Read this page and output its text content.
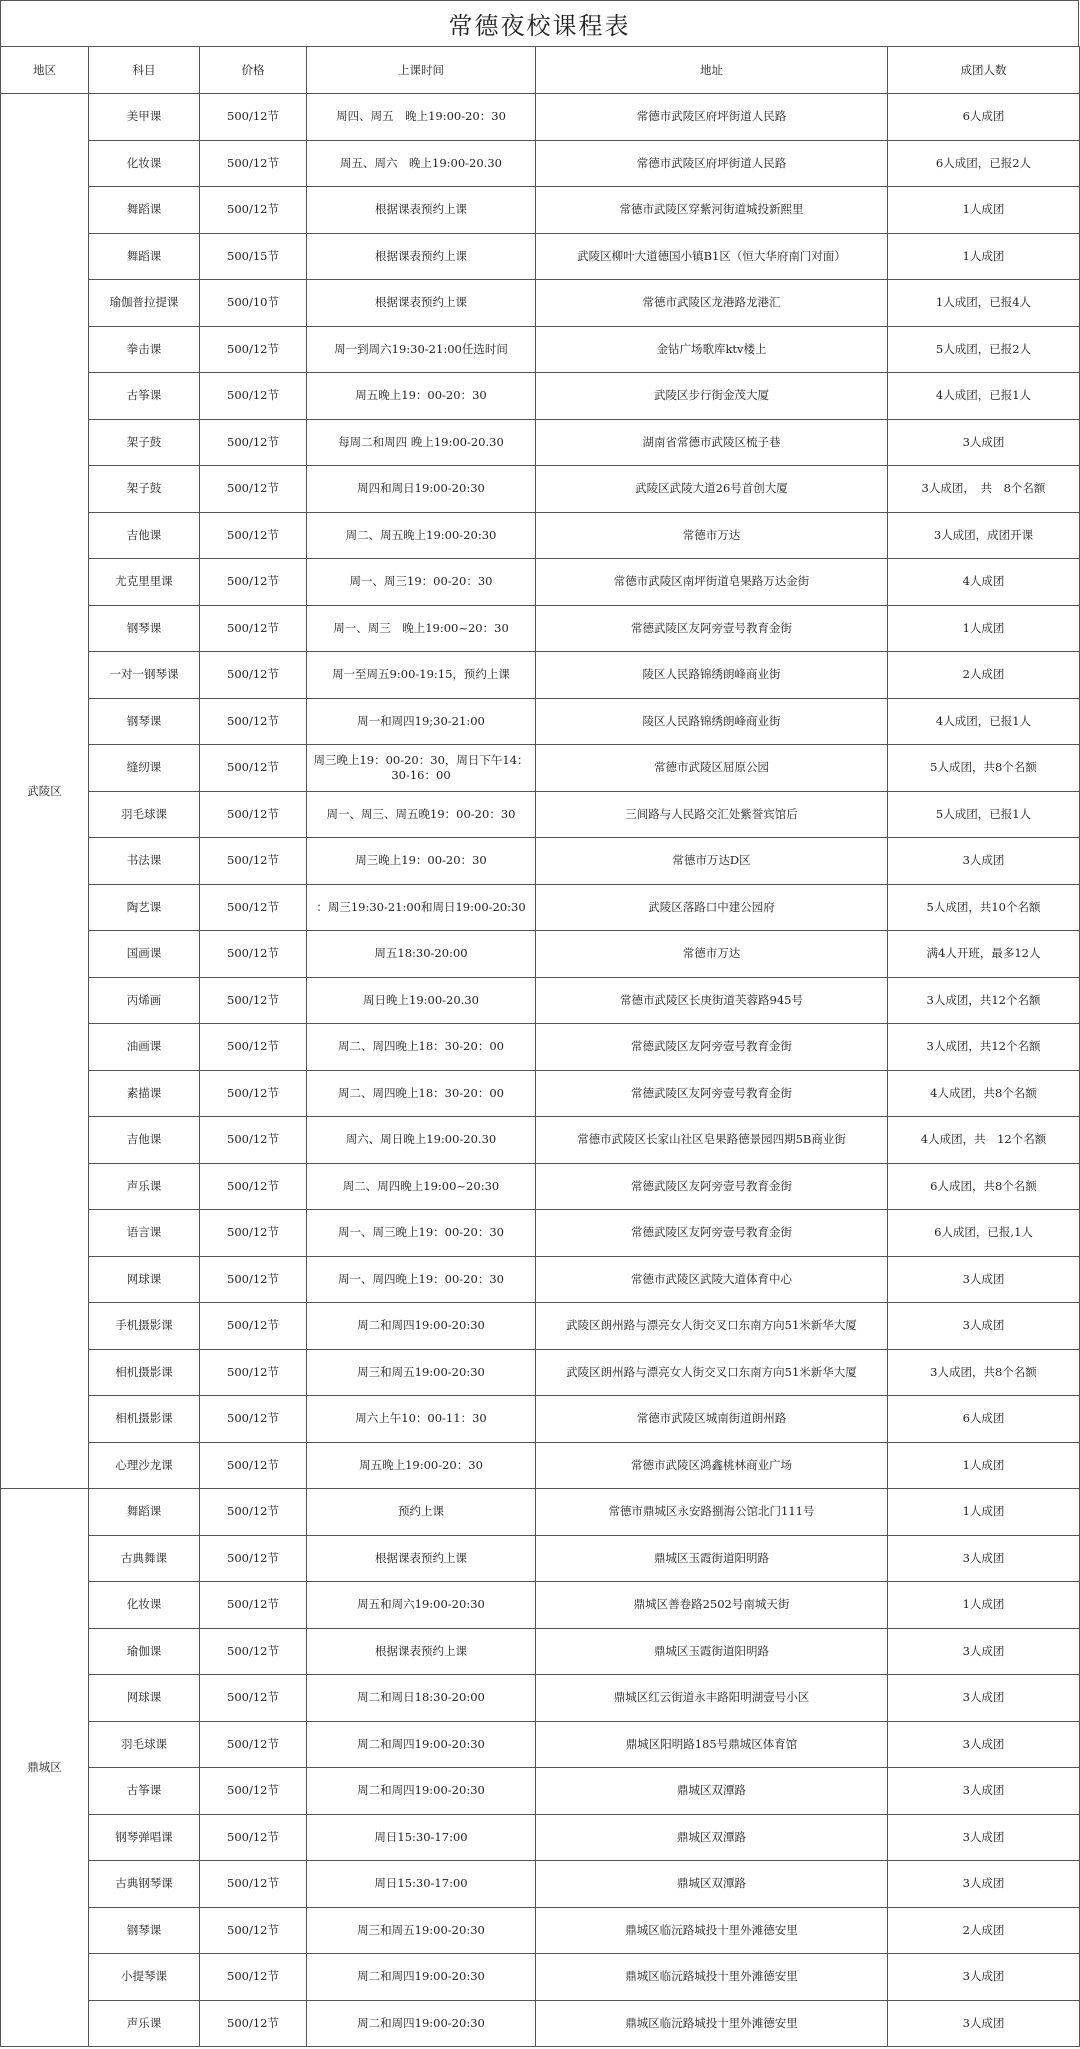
常德夜校课程表
地区	科目	价格	上课时间	地址	成团人数
武陵区	美甲课	500/12节	周四、周五　晚上19:00-20：30	常德市武陵区府坪街道人民路	6人成团
	化妆课	500/12节	周五、周六　晚上19:00-20.30	常德市武陵区府坪街道人民路	6人成团，已报2人
	舞蹈课	500/12节	根据课表预约上课	常德市武陵区穿紫河街道城投新熙里	1人成团
	舞蹈课	500/15节	根据课表预约上课	武陵区柳叶大道德国小镇B1区（恒大华府南门对面）	1人成团
	瑜伽普拉提课	500/10节	根据课表预约上课	常德市武陵区龙港路龙港汇	1人成团，已报4人
	拳击课	500/12节	周一到周六19:30-21:00任选时间	金钻广场歌库ktv楼上	5人成团，已报2人
	古筝课	500/12节	周五晚上19：00-20：30	武陵区步行街金茂大厦	4人成团，已报1人
	架子鼓	500/12节	每周二和周四 晚上19:00-20.30	湖南省常德市武陵区梳子巷	3人成团
	架子鼓	500/12节	周四和周日19:00-20:30	武陵区武陵大道26号首创大厦	3人成团，　共　8个名额
	吉他课	500/12节	周二、周五晚上19:00-20:30	常德市万达	3人成团，成团开课
	尤克里里课	500/12节	周一、周三19：00-20：30	常德市武陵区南坪街道皂果路万达金街	4人成团
	钢琴课	500/12节	周一、周三　晚上19:00~20：30	常德武陵区友阿旁壹号教育金街	1人成团
	一对一钢琴课	500/12节	周一至周五9:00-19:15，预约上课	陵区人民路锦绣朗峰商业街	2人成团
	钢琴课	500/12节	周一和周四19;30-21:00	陵区人民路锦绣朗峰商业街	4人成团，已报1人
	缝纫课	500/12节	周三晚上19：00-20：30，周日下午14：30-16：00	常德市武陵区屈原公园	5人成团，共8个名额
	羽毛球课	500/12节	周一、周三、周五晚19：00-20：30	三闾路与人民路交汇处紫誉宾馆后	5人成团，已报1人
	书法课	500/12节	周三晚上19：00-20：30	常德市万达D区	3人成团
	陶艺课	500/12节	：周三19:30-21:00和周日19:00-20:30	武陵区落路口中建公园府	5人成团，共10个名额
	国画课	500/12节	周五18:30-20:00	常德市万达	满4人开班，最多12人
	丙烯画	500/12节	周日晚上19:00-20.30	常德市武陵区长庚街道芙蓉路945号	3人成团，共12个名额
	油画课	500/12节	周二、周四晚上18：30-20：00	常德武陵区友阿旁壹号教育金街	3人成团，共12个名额
	素描课	500/12节	周二、周四晚上18：30-20：00	常德武陵区友阿旁壹号教育金街	4人成团，共8个名额
	吉他课	500/12节	周六、周日晚上19:00-20.30	常德市武陵区长家山社区皂果路德景园四期5B商业街	4人成团，共　12个名额
	声乐课	500/12节	周二、周四晚上19:00~20:30	常德武陵区友阿旁壹号教育金街	6人成团，共8个名额
	语言课	500/12节	周一、周三晚上19：00-20：30	常德武陵区友阿旁壹号教育金街	6人成团，已报,1人
	网球课	500/12节	周一、周四晚上19：00-20：30	常德市武陵区武陵大道体育中心	3人成团
	手机摄影课	500/12节	周二和周四19:00-20:30	武陵区朗州路与漂亮女人街交叉口东南方向51米新华大厦	3人成团
	相机摄影课	500/12节	周三和周五19:00-20:30	武陵区朗州路与漂亮女人街交叉口东南方向51米新华大厦	3人成团，共8个名额
	相机摄影课	500/12节	周六上午10：00-11：30	常德市武陵区城南街道朗州路	6人成团
	心理沙龙课	500/12节	周五晚上19:00-20：30	常德市武陵区鸿鑫桃林商业广场	1人成团
鼎城区	舞蹈课	500/12节	预约上课	常德市鼎城区永安路捌海公馆北门111号	1人成团
	古典舞课	500/12节	根据课表预约上课	鼎城区玉霞街道阳明路	3人成团
	化妆课	500/12节	周五和周六19:00-20:30	鼎城区善卷路2502号南城天街	1人成团
	瑜伽课	500/12节	根据课表预约上课	鼎城区玉霞街道阳明路	3人成团
	网球课	500/12节	周二和周日18:30-20:00	鼎城区红云街道永丰路阳明湖壹号小区	3人成团
	羽毛球课	500/12节	周二和周四19:00-20:30	鼎城区阳明路185号鼎城区体育馆	3人成团
	古筝课	500/12节	周二和周四19:00-20:30	鼎城区双潭路	3人成团
	钢琴弹唱课	500/12节	周日15:30-17:00	鼎城区双潭路	3人成团
	古典钢琴课	500/12节	周日15:30-17:00	鼎城区双潭路	3人成团
	钢琴课	500/12节	周三和周五19:00-20:30	鼎城区临沅路城投十里外滩德安里	2人成团
	小提琴课	500/12节	周二和周四19:00-20:30	鼎城区临沅路城投十里外滩德安里	3人成团
	声乐课	500/12节	周二和周四19:00-20:30	鼎城区临沅路城投十里外滩德安里	3人成团
